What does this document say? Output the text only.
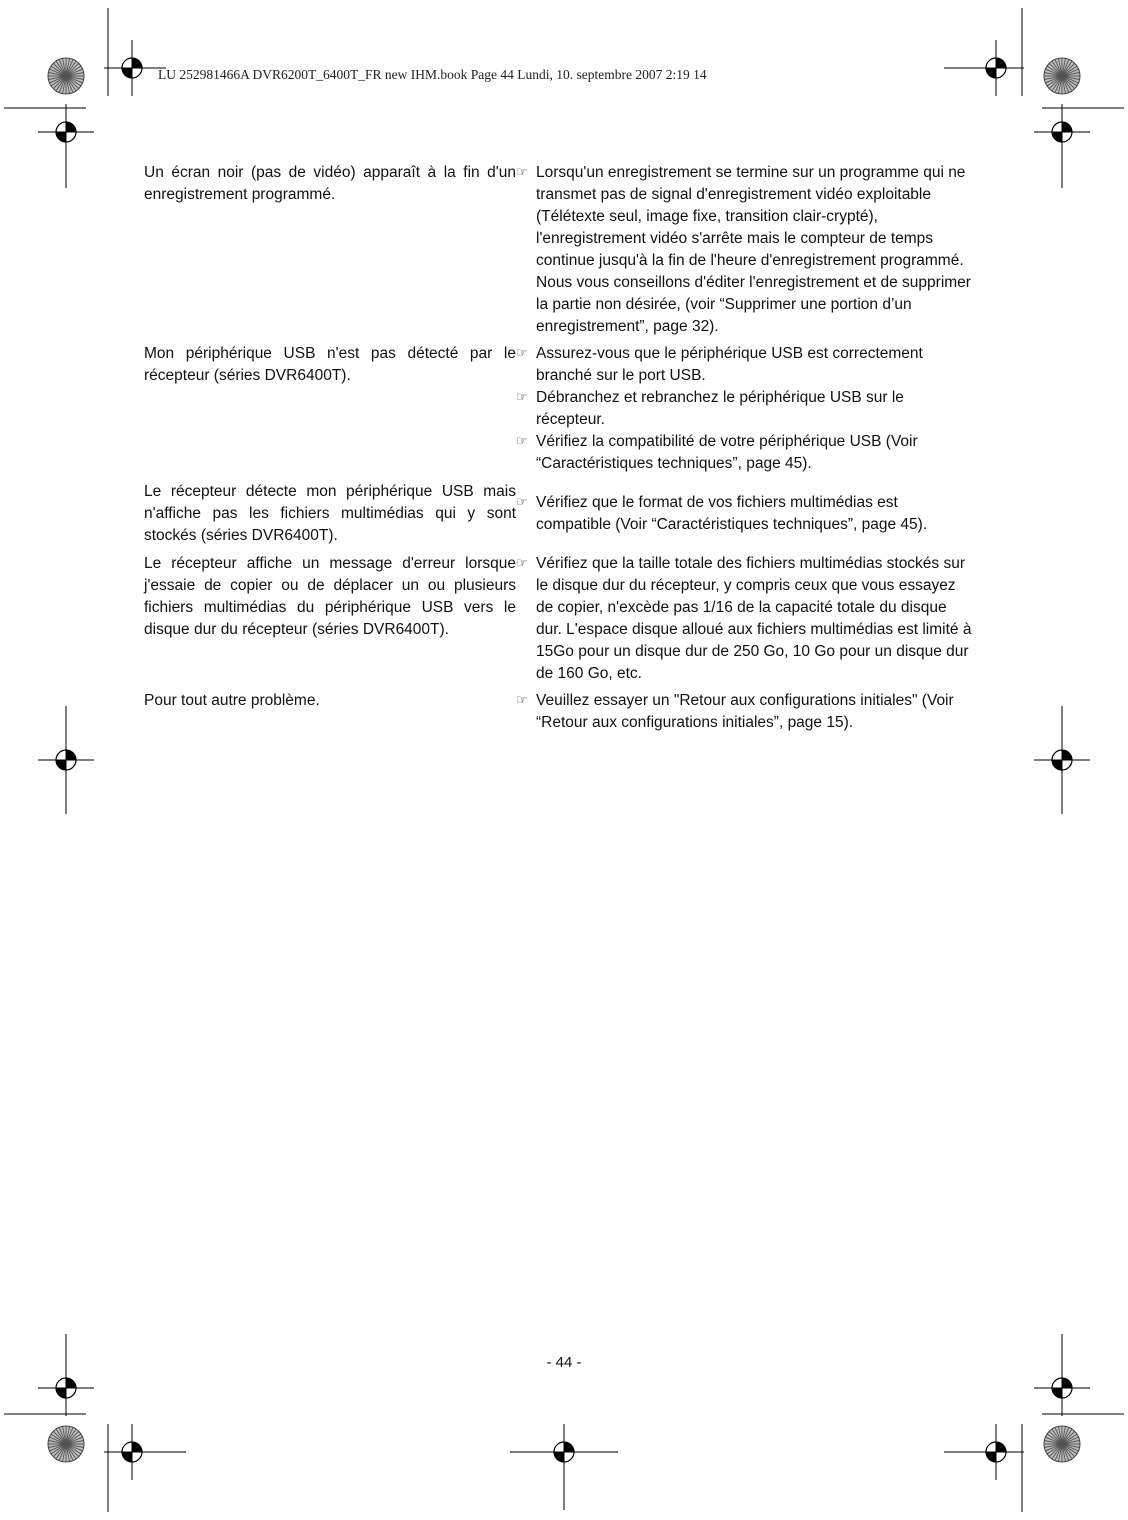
LU 252981466A DVR6200T_6400T_FR new IHM.book Page 44 Lundi, 10. septembre 2007 2:19 14
Un écran noir (pas de vidéo) apparaît à la fin d'un enregistrement programmé.
☞ Lorsqu'un enregistrement se termine sur un programme qui ne transmet pas de signal d'enregistrement vidéo exploitable (Télétexte seul, image fixe, transition clair-crypté), l'enregistrement vidéo s'arrête mais le compteur de temps continue jusqu'à la fin de l'heure d'enregistrement programmé. Nous vous conseillons d'éditer l'enregistrement et de supprimer la partie non désirée, (voir “Supprimer une portion d’un enregistrement”, page 32).
Mon périphérique USB n'est pas détecté par le récepteur (séries DVR6400T).
☞ Assurez-vous que le périphérique USB est correctement branché sur le port USB.
☞ Débranchez et rebranchez le périphérique USB sur le récepteur.
☞ Vérifiez la compatibilité de votre périphérique USB (Voir “Caractéristiques techniques”, page 45).
Le récepteur détecte mon périphérique USB mais n'affiche pas les fichiers multimédias qui y sont stockés (séries DVR6400T).
☞ Vérifiez que le format de vos fichiers multimédias est compatible (Voir “Caractéristiques techniques”, page 45).
Le récepteur affiche un message d'erreur lorsque j'essaie de copier ou de déplacer un ou plusieurs fichiers multimédias du périphérique USB vers le disque dur du récepteur (séries DVR6400T).
☞ Vérifiez que la taille totale des fichiers multimédias stockés sur le disque dur du récepteur, y compris ceux que vous essayez de copier, n'excède pas 1/16 de la capacité totale du disque dur. L'espace disque alloué aux fichiers multimédias est limité à 15Go pour un disque dur de 250 Go, 10 Go pour un disque dur de 160 Go, etc.
Pour tout autre problème.	☞ Veuillez essayer un "Retour aux configurations initiales" (Voir “Retour aux configurations initiales”, page 15).
- 44 -
